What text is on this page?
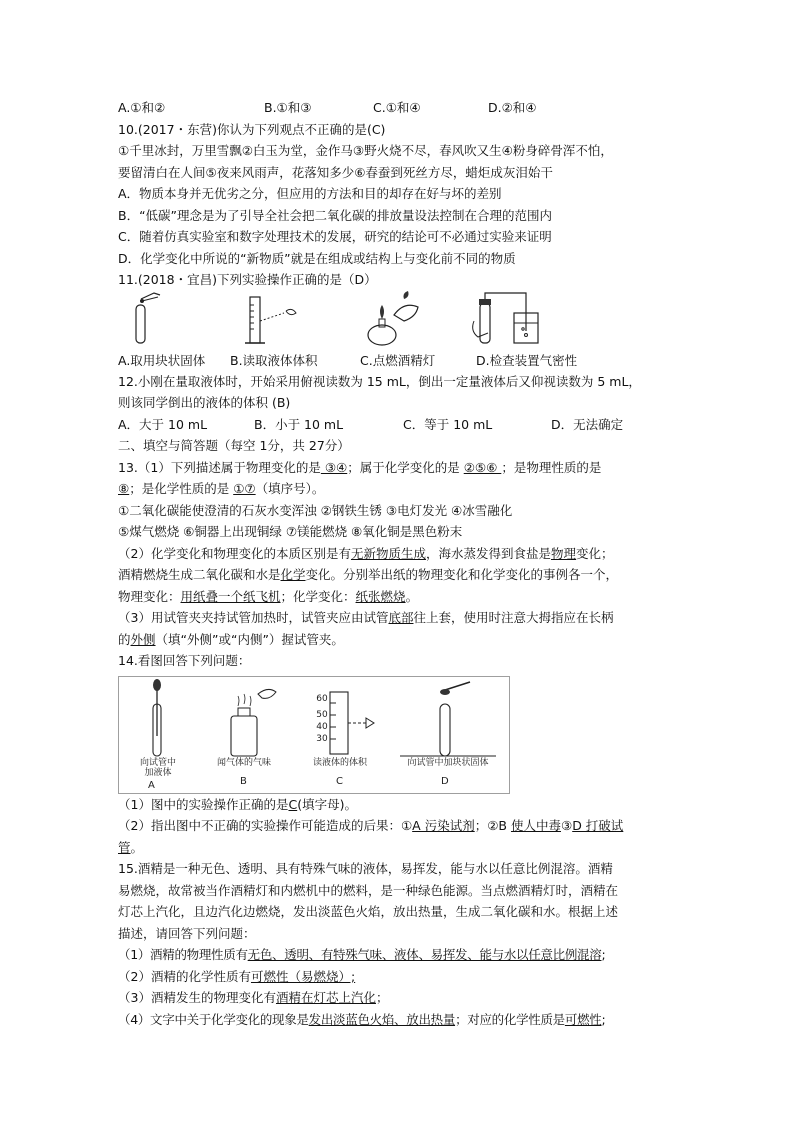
A.①和②	B.①和③	C.①和④	D.②和④
10.(2017・东营)你认为下列观点不正确的是(C)
①千里冰封，万里雪飘②白玉为堂，金作马③野火烧不尽，春风吹又生④粉身碎骨浑不怕，
要留清白在人间⑤夜来风雨声，花落知多少⑥春蚕到死丝方尽，蜡炬成灰泪始干
A．物质本身并无优劣之分，但应用的方法和目的却存在好与坏的差别
B．“低碳”理念是为了引导全社会把二氧化碳的排放量设法控制在合理的范围内
C．随着仿真实验室和数字处理技术的发展，研究的结论可不必通过实验来证明
D．化学变化中所说的“新物质”就是在组成或结构上与变化前不同的物质
11.(2018・宜昌)下列实验操作正确的是（D）
A.取用块状固体 B.读取液体体积	C.点燃酒精灯	D.检查装置气密性
12.小刚在量取液体时，开始采用俯视读数为 15 mL，倒出一定量液体后又仰视读数为 5 mL，
则该同学倒出的液体的体积 (B)
A．大于 10 mL	B．小于 10 mL	C．等于 10 mL	D．无法确定
二、填空与简答题（每空 1分，共 27分）
13.（1）下列描述属于物理变化的是 ③④；属于化学变化的是 ②⑤⑥ ；是物理性质的是
⑧；是化学性质的是 ①⑦（填序号）。
①二氧化碳能使澄清的石灰水变浑浊 ②钢铁生锈 ③电灯发光 ④冰雪融化
⑤煤气燃烧 ⑥铜器上出现铜绿 ⑦镁能燃烧 ⑧氧化铜是黑色粉末
（2）化学变化和物理变化的本质区别是有无新物质生成，海水蒸发得到食盐是物理变化；
酒精燃烧生成二氧化碳和水是化学变化。分别举出纸的物理变化和化学变化的事例各一个，
物理变化：用纸叠一个纸飞机；化学变化：纸张燃烧。
（3）用试管夹夹持试管加热时，试管夹应由试管底部往上套，使用时注意大拇指应在长柄
的外侧（填“外侧”或“内侧”）握试管夹。
14.看图回答下列问题：
向试管中
加液体
A
闻气体的气味
B
60
50
40
30
读液体的体积
C
向试管中加块状固体
D
（1）图中的实验操作正确的是C(填字母)。
（2）指出图中不正确的实验操作可能造成的后果：①A 污染试剂；②B 使人中毒③D 打破试
管。
15.酒精是一种无色、透明、具有特殊气味的液体，易挥发，能与水以任意比例混溶。酒精
易燃烧，故常被当作酒精灯和内燃机中的燃料，是一种绿色能源。当点燃酒精灯时，酒精在
灯芯上汽化，且边汽化边燃烧，发出淡蓝色火焰，放出热量，生成二氧化碳和水。根据上述
描述，请回答下列问题：
（1）酒精的物理性质有无色、透明、有特殊气味、液体、易挥发、能与水以任意比例混溶;
（2）酒精的化学性质有可燃性（易燃烧）;
（3）酒精发生的物理变化有酒精在灯芯上汽化；
（4）文字中关于化学变化的现象是发出淡蓝色火焰、放出热量；对应的化学性质是可燃性;
